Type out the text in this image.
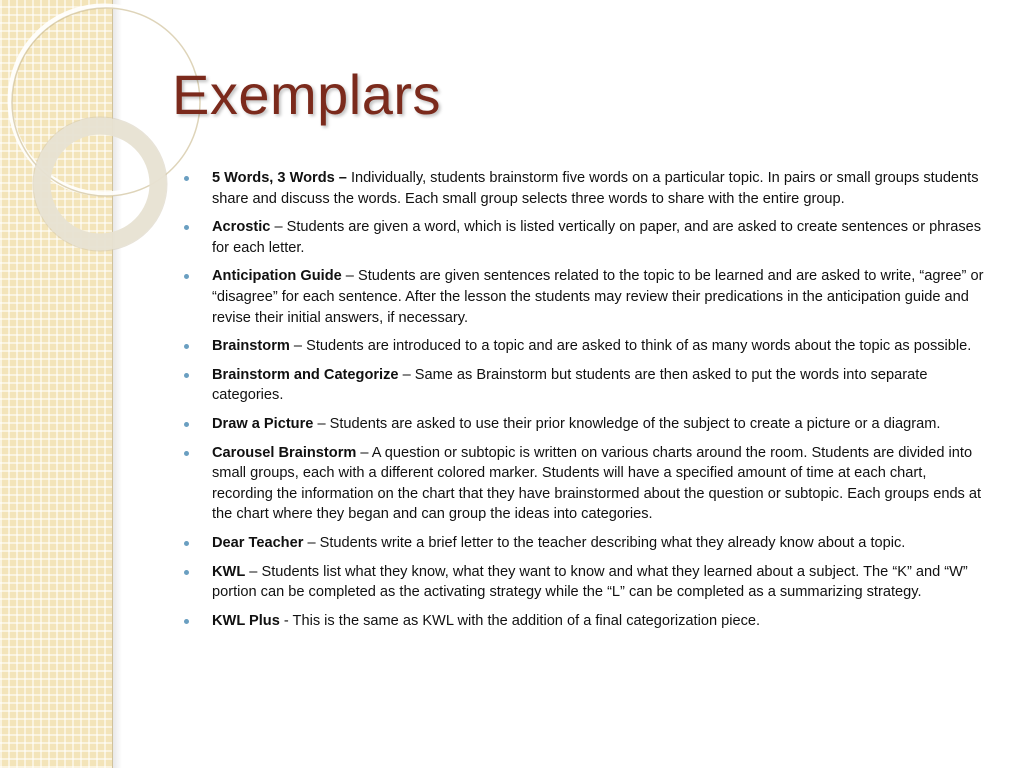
Exemplars
5 Words, 3 Words – Individually, students brainstorm five words on a particular topic. In pairs or small groups students share and discuss the words. Each small group selects three words to share with the entire group.
Acrostic – Students are given a word, which is listed vertically on paper, and are asked to create sentences or phrases for each letter.
Anticipation Guide – Students are given sentences related to the topic to be learned and are asked to write, “agree” or “disagree” for each sentence. After the lesson the students may review their predications in the anticipation guide and revise their initial answers, if necessary.
Brainstorm – Students are introduced to a topic and are asked to think of as many words about the topic as possible.
Brainstorm and Categorize – Same as Brainstorm but students are then asked to put the words into separate categories.
Draw a Picture – Students are asked to use their prior knowledge of the subject to create a picture or a diagram.
Carousel Brainstorm – A question or subtopic is written on various charts around the room. Students are divided into small groups, each with a different colored marker. Students will have a specified amount of time at each chart, recording the information on the chart that they have brainstormed about the question or subtopic. Each groups ends at the chart where they began and can group the ideas into categories.
Dear Teacher – Students write a brief letter to the teacher describing what they already know about a topic.
KWL – Students list what they know, what they want to know and what they learned about a subject. The “K” and “W” portion can be completed as the activating strategy while the “L” can be completed as a summarizing strategy.
KWL Plus - This is the same as KWL with the addition of a final categorization piece.
